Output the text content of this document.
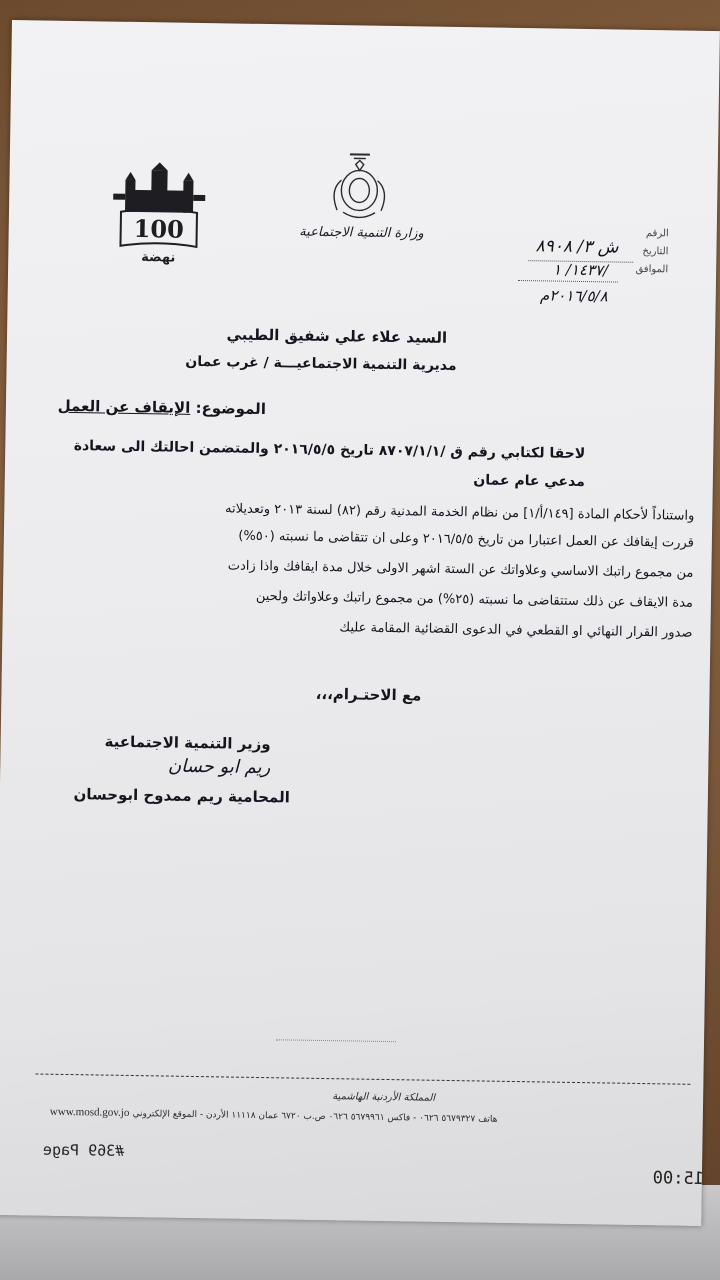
100
نهضة
وزارة التنمية الاجتماعية	الرقم
ش ٣/ ٨٩٠٨	التاريخ
الموافق
١٤٣٧/ ١/
٢٠١٦/٥/٨م
السيد علاء علي شفيق الطيبي
مديرية التنمية الاجتماعيـــة / غرب عمان
الموضوع: الإيقاف عن العمل
لاحقا لكتابي رقم ق /٨٧٠٧/١/١ تاريخ ٢٠١٦/٥/٥ والمتضمن احالتك الى سعادة
مدعي عام عمان
واستناداً لأحكام المادة [١٤٩/أ/١] من نظام الخدمة المدنية رقم (٨٢) لسنة ٢٠١٣ وتعديلاته
قررت إيقافك عن العمل اعتبارا من تاريخ ٢٠١٦/٥/٥ وعلى ان تتقاضى ما نسبته (٥٠%)
من مجموع راتبك الاساسي وعلاواتك عن الستة اشهر الاولى خلال مدة ايقافك واذا زادت
مدة الايقاف عن ذلك ستتقاضى ما نسبته (٢٥%) من مجموع راتبك وعلاواتك ولحين
صدور القرار النهائي او القطعي في الدعوى القضائية المقامة عليك
مع الاحتـرام،،،
وزير التنمية الاجتماعية
ريم ابو حسان
المحامية ريم ممدوح ابوحسان
المملكة الأردنية الهاشمية
www.mosd.gov.jo هاتف ٥٦٧٩٣٢٧ ٠٦٢٦ - فاكس ٥٦٧٩٩٦١ ٠٦٢٦ ص.ب ٦٧٢٠ عمان ١١١١٨ الأردن - الموقع الإلكتروني
#369 Page
15:00
